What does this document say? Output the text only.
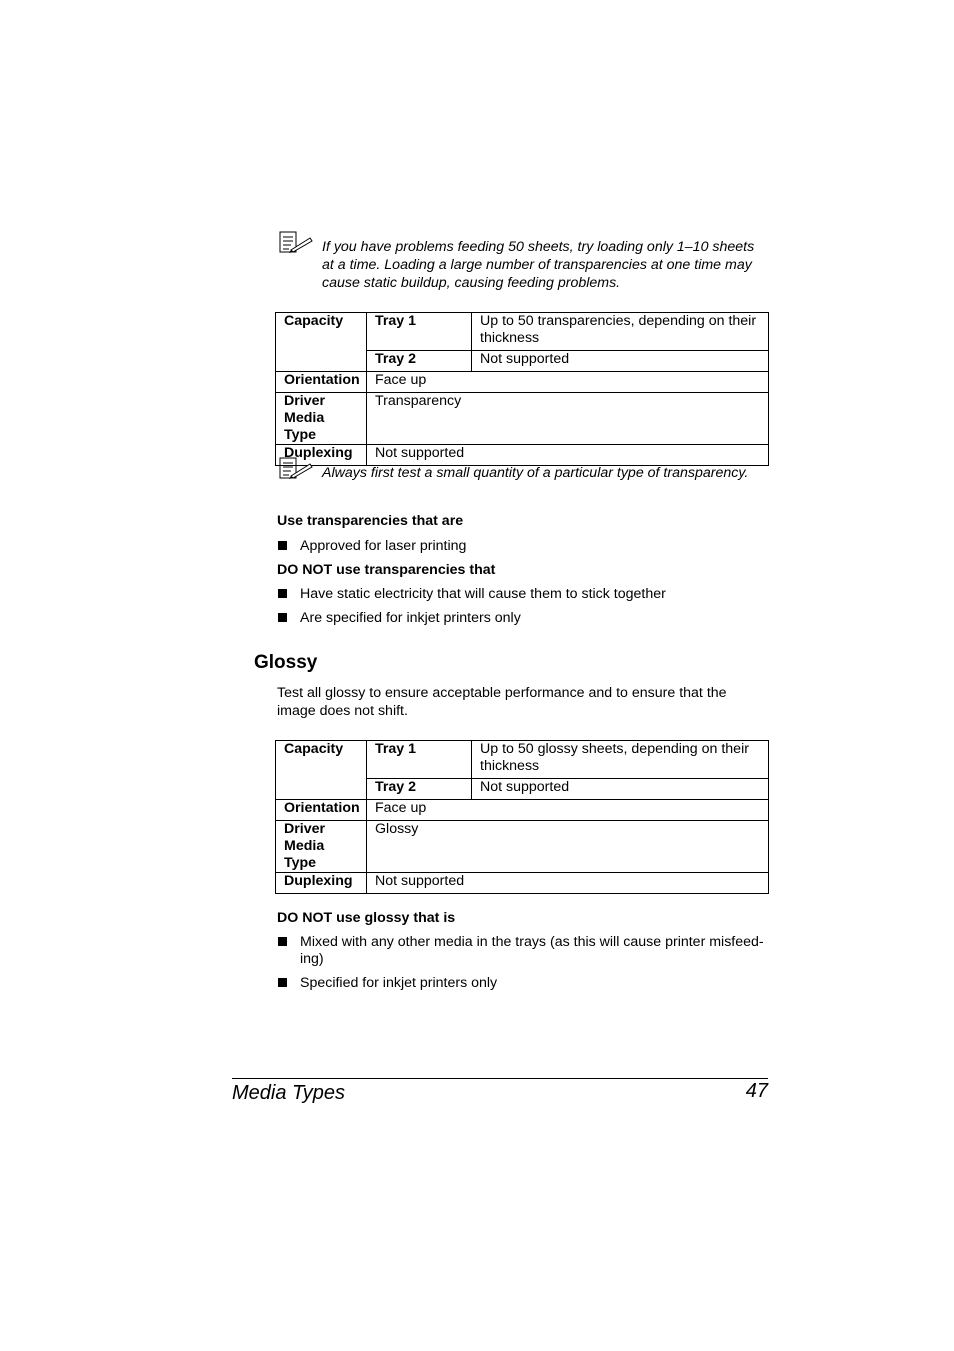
If you have problems feeding 50 sheets, try loading only 1–10 sheets
at a time. Loading a large number of transparencies at one time may
cause static buildup, causing feeding problems.
Capacity	Tray 1	Up to 50 transparencies, depending on their
thickness

	Tray 2	Not supported
Orientation	Face up	

Driver
Media Type	Transparency	
Duplexing	Not supported	
Always first test a small quantity of a particular type of transparency.
Use transparencies that are
Approved for laser printing
DO NOT use transparencies that
Have static electricity that will cause them to stick together
Are specified for inkjet printers only
Glossy
Test all glossy to ensure acceptable performance and to ensure that the
image does not shift.
Capacity	Tray 1	Up to 50 glossy sheets, depending on their
thickness

	Tray 2	Not supported
Orientation	Face up	

Driver
Media Type	Glossy	
Duplexing	Not supported	
DO NOT use glossy that is
Mixed with any other media in the trays (as this will cause printer misfeed-
ing)
Specified for inkjet printers only
Media Types	47
